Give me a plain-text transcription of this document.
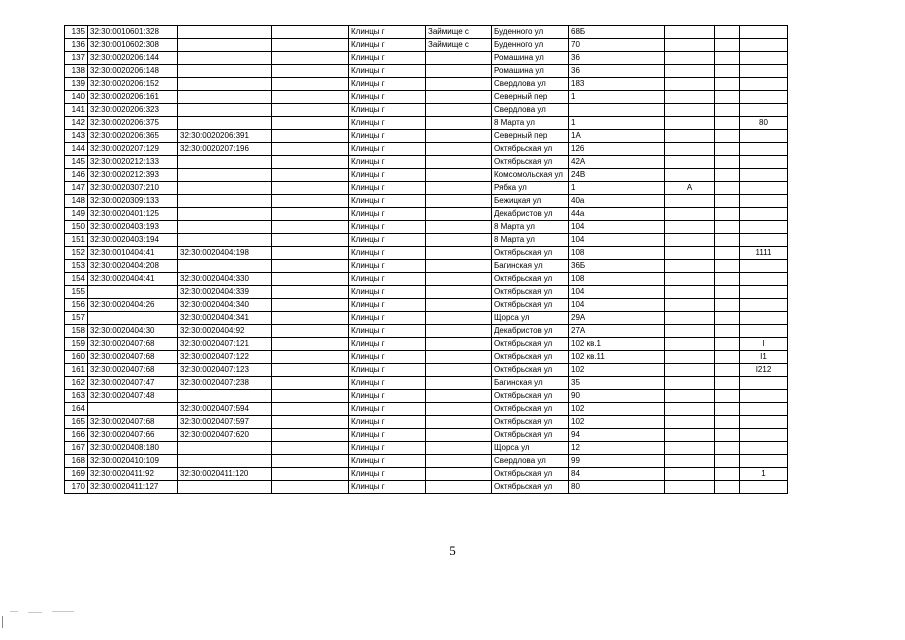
135	32:30:0010601:328			Клинцы г	Займище с	Буденного ул	68Б			
136	32:30:0010602:308			Клинцы г	Займище с	Буденного ул	70			
137	32:30:0020206:144			Клинцы г		Ромашина ул	36			
138	32:30:0020206:148			Клинцы г		Ромашина ул	36			
139	32:30:0020206:152			Клинцы г		Свердлова ул	183			
140	32:30:0020206:161			Клинцы г		Северный пер	1			
141	32:30:0020206:323			Клинцы г		Свердлова ул				
142	32:30:0020206:375			Клинцы г		8 Марта ул	1			80
143	32:30:0020206:365	32:30:0020206:391		Клинцы г		Северный пер	1А			
144	32:30:0020207:129	32:30:0020207:196		Клинцы г		Октябрьская ул	126			
145	32:30:0020212:133			Клинцы г		Октябрьская ул	42А			
146	32:30:0020212:393			Клинцы г		Комсомольская ул	24В			
147	32:30:0020307:210			Клинцы г		Рябка ул	1	А		
148	32:30:0020309:133			Клинцы г		Бежицкая ул	40а			
149	32:30:0020401:125			Клинцы г		Декабристов ул	44а			
150	32:30:0020403:193			Клинцы г		8 Марта ул	104			
151	32:30:0020403:194			Клинцы г		8 Марта ул	104			
152	32:30:0010404:41	32:30:0020404:198		Клинцы г		Октябрьская ул	108			1111
153	32:30:0020404:208			Клинцы г		Багинская ул	36Б			
154	32:30:0020404:41	32:30:0020404:330		Клинцы г		Октябрьская ул	108			
155		32:30:0020404:339		Клинцы г		Октябрьская ул	104			
156	32:30:0020404:26	32:30:0020404:340		Клинцы г		Октябрьская ул	104			
157		32:30:0020404:341		Клинцы г		Щорса ул	29А			
158	32:30:0020404:30	32:30:0020404:92		Клинцы г		Декабристов ул	27А			
159	32:30:0020407:68	32:30:0020407:121		Клинцы г		Октябрьская ул	102 кв.1			I
160	32:30:0020407:68	32:30:0020407:122		Клинцы г		Октябрьская ул	102 кв.11			I1
161	32:30:0020407:68	32:30:0020407:123		Клинцы г		Октябрьская ул	102			I212
162	32:30:0020407:47	32:30:0020407:238		Клинцы г		Багинская ул	35			
163	32:30:0020407:48			Клинцы г		Октябрьская ул	90			
164		32:30:0020407:594		Клинцы г		Октябрьская ул	102			
165	32:30:0020407:68	32:30:0020407:597		Клинцы г		Октябрьская ул	102			
166	32:30:0020407:66	32:30:0020407:620		Клинцы г		Октябрьская ул	94			
167	32:30:0020408:180			Клинцы г		Щорса ул	12			
168	32:30:0020410:109			Клинцы г		Свердлова ул	99			
169	32:30:0020411:92	32:30:0020411:120		Клинцы г		Октябрьская ул	84			1
170	32:30:0020411:127			Клинцы г		Октябрьская ул	80			
5
